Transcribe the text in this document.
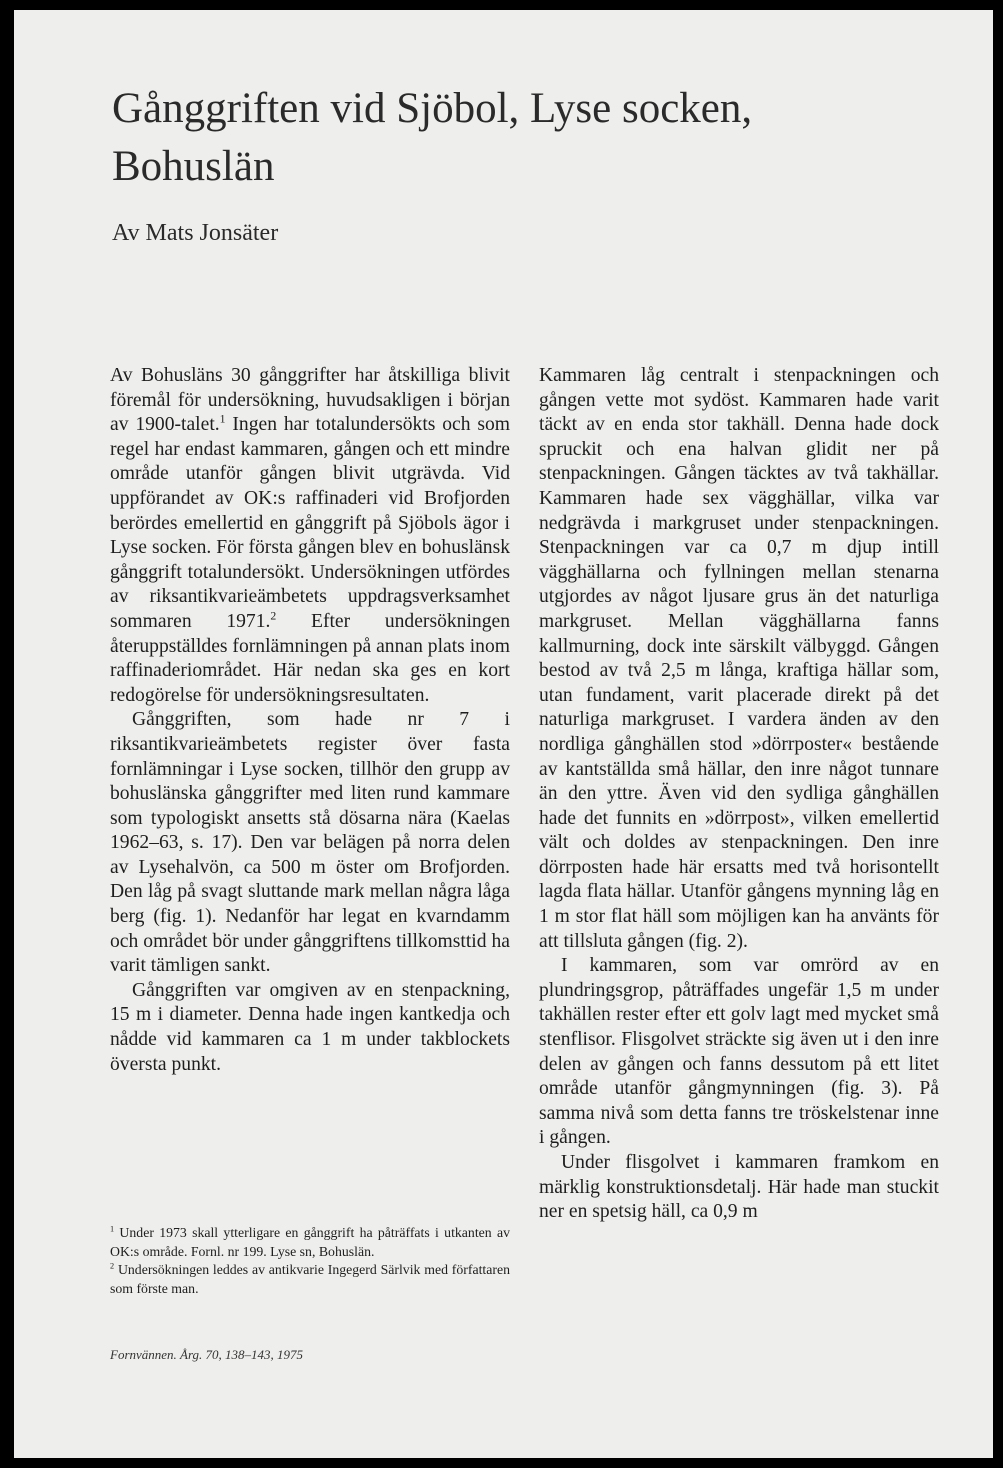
Gånggriften vid Sjöbol, Lyse socken, Bohuslän
Av Mats Jonsäter

Av Bohusläns 30 gånggrifter har åtskilliga blivit föremål för undersökning, huvudsakligen i början av 1900-talet.$^1$ Ingen har totalundersökts och som regel har endast kammaren, gången och ett mindre område utanför gången blivit utgrävda. Vid uppförandet av OK:s raffinaderi vid Brofjorden berördes emellertid en gånggrift på Sjöbols ägor i Lyse socken. För första gången blev en bohuslänsk gånggrift totalundersökt. Undersökningen utfördes av riksantikvarieämbetets uppdragsverksamhet sommaren 1971.$^2$ Efter undersökningen återuppställdes fornlämningen på annan plats inom raffinaderiområdet. Här nedan ska ges en kort redogörelse för undersökningsresultaten.

Gånggriften, som hade nr 7 i riksantikvarieämbetets register över fasta fornlämningar i Lyse socken, tillhör den grupp av bohuslänska gånggrifter med liten rund kammare som typologiskt ansetts stå dösarna nära (Kaelas 1962–63, s. 17). Den var belägen på norra delen av Lysehalvön, ca 500 m öster om Brofjorden. Den låg på svagt sluttande mark mellan några låga berg (fig. 1). Nedanför har legat en kvarndamm och området bör under gånggriftens tillkomsttid ha varit tämligen sankt.

Gånggriften var omgiven av en stenpackning, 15 m i diameter. Denna hade ingen kantkedja och nådde vid kammaren ca 1 m under takblockets översta punkt.

Kammaren låg centralt i stenpackningen och gången vette mot sydöst. Kammaren hade varit täckt av en enda stor takhäll. Denna hade dock spruckit och ena halvan glidit ner på stenpackningen. Gången täcktes av två takhällar. Kammaren hade sex vägghällar, vilka var nedgrävda i markgruset under stenpackningen. Stenpackningen var ca 0,7 m djup intill vägghällarna och fyllningen mellan stenarna utgjordes av något ljusare grus än det naturliga markgruset. Mellan vägghällarna fanns kallmurning, dock inte särskilt välbyggd. Gången bestod av två 2,5 m långa, kraftiga hällar som, utan fundament, varit placerade direkt på det naturliga markgruset. I vardera änden av den nordliga gånghällen stod »dörrposter« bestående av kantställda små hällar, den inre något tunnare än den yttre. Även vid den sydliga gånghällen hade det funnits en »dörrpost», vilken emellertid vält och doldes av stenpackningen. Den inre dörrposten hade här ersatts med två horisontellt lagda flata hällar. Utanför gångens mynning låg en 1 m stor flat häll som möjligen kan ha använts för att tillsluta gången (fig. 2).

I kammaren, som var omrörd av en plundringsgrop, påträffades ungefär 1,5 m under takhällen rester efter ett golv lagt med mycket små stenflisor. Flisgolvet sträckte sig även ut i den inre delen av gången och fanns dessutom på ett litet område utanför gångmynningen (fig. 3). På samma nivå som detta fanns tre tröskelstenar inne i gången.

Under flisgolvet i kammaren framkom en märklig konstruktionsdetalj. Här hade man stuckit ner en spetsig häll, ca 0,9 m

$^1$ Under 1973 skall ytterligare en gånggrift ha påträffats i utkanten av OK:s område. Fornl. nr 199. Lyse sn, Bohuslän.

$^2$ Undersökningen leddes av antikvarie Ingegerd Särlvik med författaren som förste man.

Fornvännen. Årg. 70, 138–143, 1975
